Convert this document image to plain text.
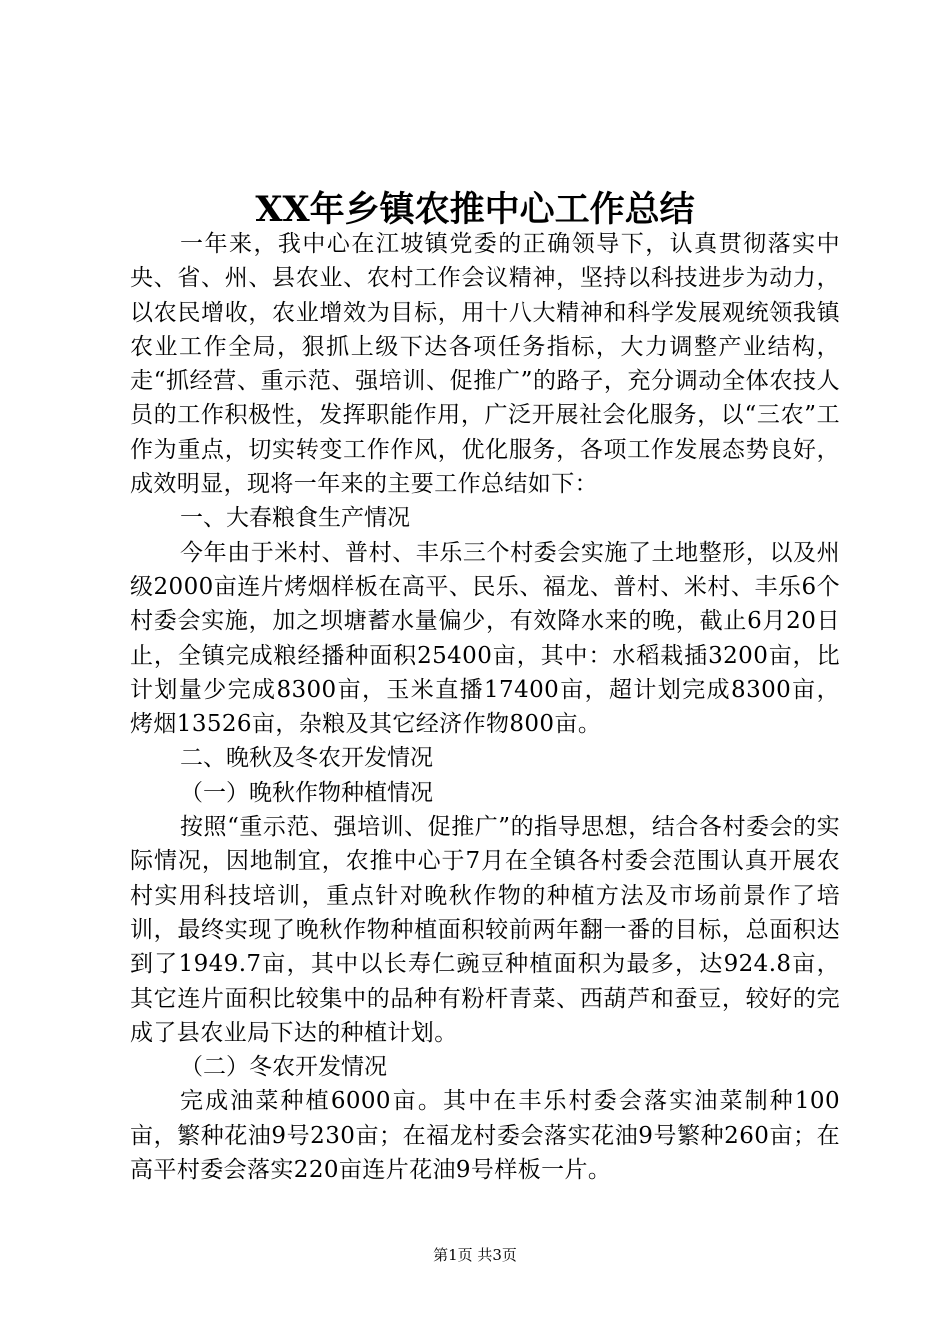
XX年乡镇农推中心工作总结

一年来，我中心在江坡镇党委的正确领导下，认真贯彻落实中央、省、州、县农业、农村工作会议精神，坚持以科技进步为动力，以农民增收，农业增效为目标，用十八大精神和科学发展观统领我镇农业工作全局，狠抓上级下达各项任务指标，大力调整产业结构，走“抓经营、重示范、强培训、促推广”的路子，充分调动全体农技人员的工作积极性，发挥职能作用，广泛开展社会化服务，以“三农”工作为重点，切实转变工作作风，优化服务，各项工作发展态势良好，成效明显，现将一年来的主要工作总结如下：

一、大春粮食生产情况

今年由于米村、普村、丰乐三个村委会实施了土地整形，以及州级2000亩连片烤烟样板在高平、民乐、福龙、普村、米村、丰乐6个村委会实施，加之坝塘蓄水量偏少，有效降水来的晚，截止6月20日止，全镇完成粮经播种面积25400亩，其中：水稻栽插3200亩，比计划量少完成8300亩，玉米直播17400亩，超计划完成8300亩，烤烟13526亩，杂粮及其它经济作物800亩。

二、晚秋及冬农开发情况

（一）晚秋作物种植情况

按照“重示范、强培训、促推广”的指导思想，结合各村委会的实际情况，因地制宜，农推中心于7月在全镇各村委会范围认真开展农村实用科技培训，重点针对晚秋作物的种植方法及市场前景作了培训，最终实现了晚秋作物种植面积较前两年翻一番的目标，总面积达到了1949.7亩，其中以长寿仁豌豆种植面积为最多，达924.8亩，其它连片面积比较集中的品种有粉杆青菜、西葫芦和蚕豆，较好的完成了县农业局下达的种植计划。

（二）冬农开发情况

完成油菜种植6000亩。其中在丰乐村委会落实油菜制种100亩，繁种花油9号230亩；在福龙村委会落实花油9号繁种260亩；在高平村委会落实220亩连片花油9号样板一片。

第1页 共3页
